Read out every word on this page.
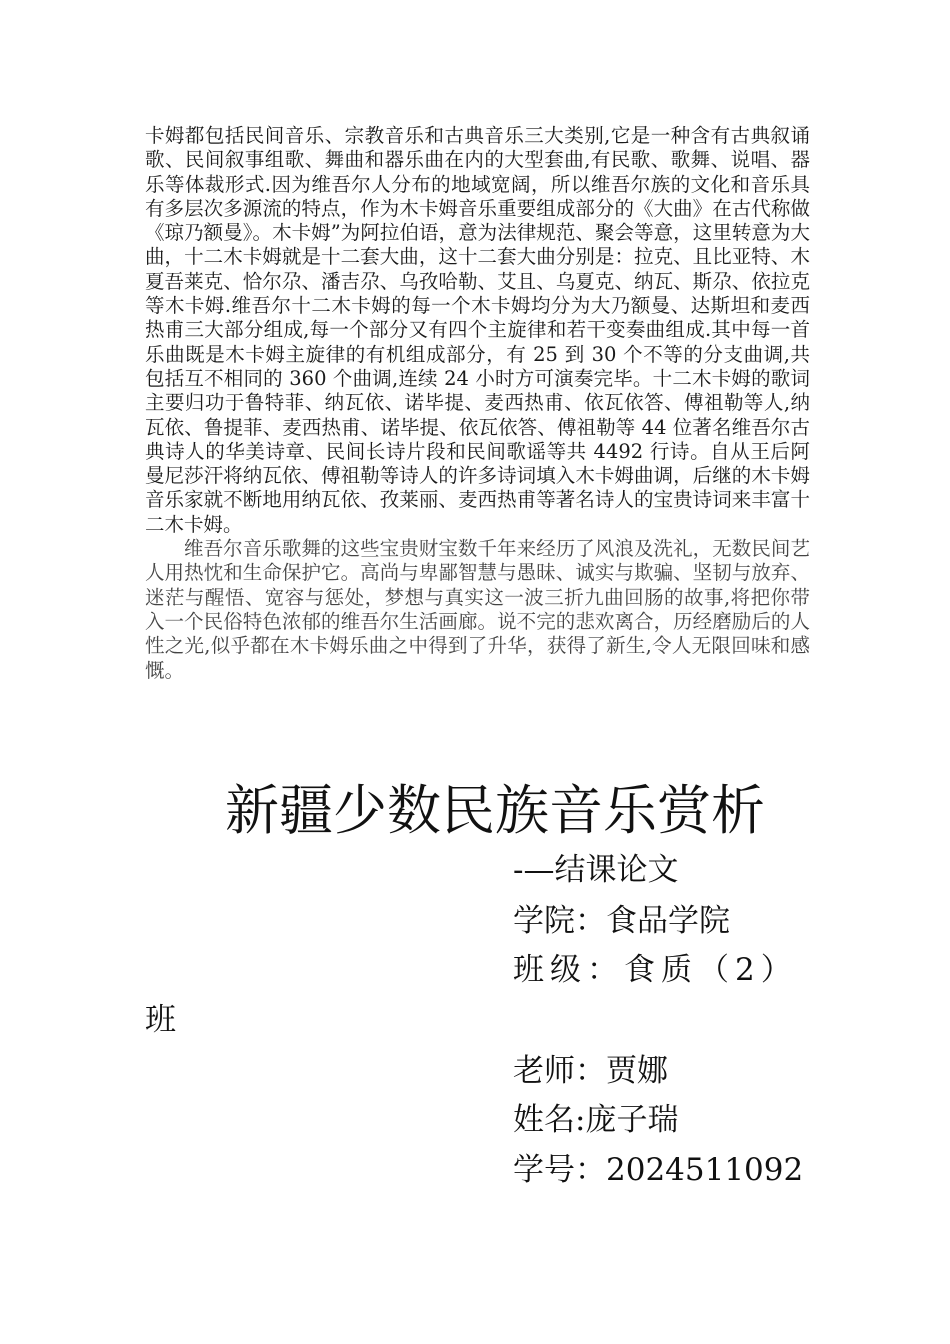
卡姆都包括民间音乐、宗教音乐和古典音乐三大类别,它是一种含有古典叙诵歌、民间叙事组歌、舞曲和器乐曲在内的大型套曲,有民歌、歌舞、说唱、器乐等体裁形式.因为维吾尔人分布的地域宽阔，所以维吾尔族的文化和音乐具有多层次多源流的特点，作为木卡姆音乐重要组成部分的《大曲》在古代称做《琼乃额曼》。木卡姆”为阿拉伯语，意为法律规范、聚会等意，这里转意为大曲，十二木卡姆就是十二套大曲，这十二套大曲分别是：拉克、且比亚特、木夏吾莱克、恰尔尕、潘吉尕、乌孜哈勒、艾且、乌夏克、纳瓦、斯尕、依拉克等木卡姆.维吾尔十二木卡姆的每一个木卡姆均分为大乃额曼、达斯坦和麦西热甫三大部分组成,每一个部分又有四个主旋律和若干变奏曲组成.其中每一首乐曲既是木卡姆主旋律的有机组成部分，有 25 到 30 个不等的分支曲调,共包括互不相同的 360 个曲调,连续 24 小时方可演奏完毕。十二木卡姆的歌词主要归功于鲁特菲、纳瓦依、诺毕提、麦西热甫、依瓦依答、傅祖勒等人,纳瓦依、鲁提菲、麦西热甫、诺毕提、依瓦依答、傅祖勒等 44 位著名维吾尔古典诗人的华美诗章、民间长诗片段和民间歌谣等共 4492 行诗。自从王后阿曼尼莎汗将纳瓦依、傅祖勒等诗人的许多诗词填入木卡姆曲调，后继的木卡姆音乐家就不断地用纳瓦依、孜莱丽、麦西热甫等著名诗人的宝贵诗词来丰富十二木卡姆。

维吾尔音乐歌舞的这些宝贵财宝数千年来经历了风浪及洗礼，无数民间艺人用热忱和生命保护它。高尚与卑鄙智慧与愚昧、诚实与欺骗、坚韧与放弃、迷茫与醒悟、宽容与惩处，梦想与真实这一波三折九曲回肠的故事,将把你带入一个民俗特色浓郁的维吾尔生活画廊。说不完的悲欢离合，历经磨励后的人性之光,似乎都在木卡姆乐曲之中得到了升华，获得了新生,令人无限回味和感慨。

新疆少数民族音乐赏析
-—结课论文
学院：食品学院
班级：食质（2）
班
老师：贾娜
姓名:庞子瑞
学号：2024511092
